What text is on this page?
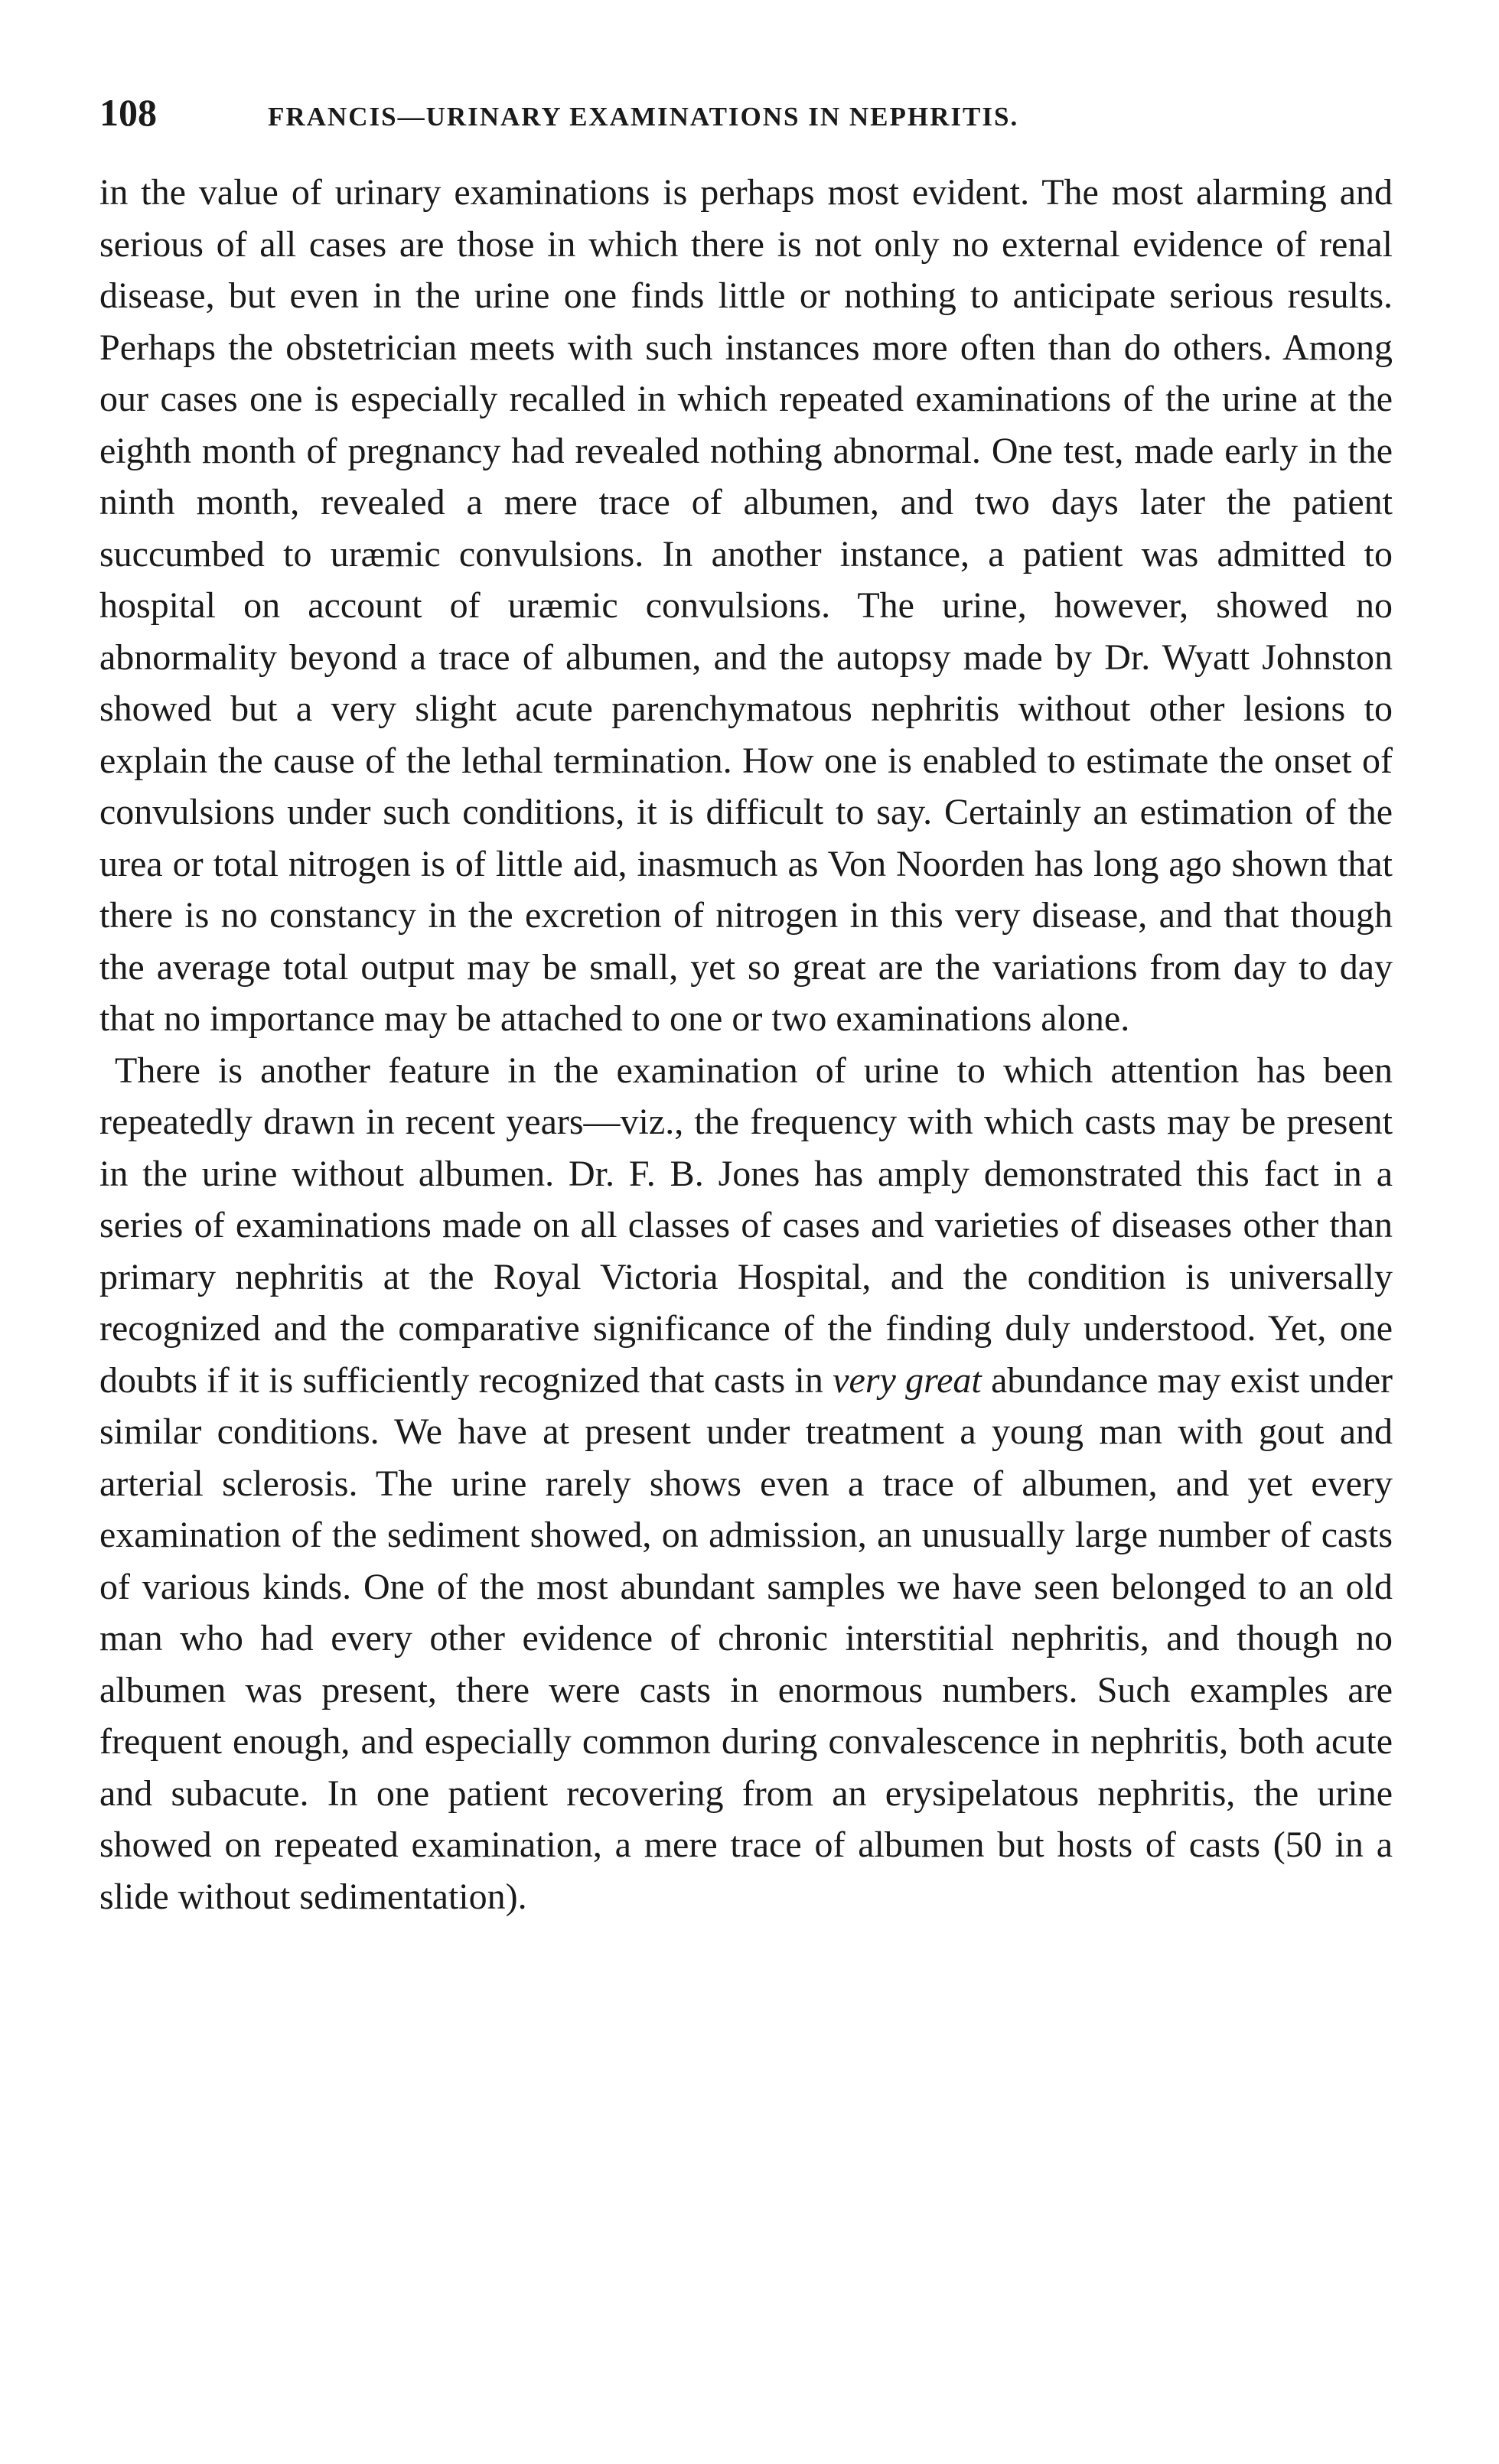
108	FRANCIS—URINARY EXAMINATIONS IN NEPHRITIS.

in the value of urinary examinations is perhaps most evident. The most alarming and serious of all cases are those in which there is not only no external evidence of renal disease, but even in the urine one finds little or nothing to anticipate serious results. Perhaps the obstetrician meets with such instances more often than do others. Among our cases one is especially recalled in which repeated examinations of the urine at the eighth month of pregnancy had revealed nothing abnormal. One test, made early in the ninth month, revealed a mere trace of albumen, and two days later the patient succumbed to uræmic convulsions. In another instance, a patient was admitted to hospital on account of uræmic convulsions. The urine, however, showed no abnormality beyond a trace of albumen, and the autopsy made by Dr. Wyatt Johnston showed but a very slight acute parenchymatous nephritis without other lesions to explain the cause of the lethal termination. How one is enabled to estimate the onset of convulsions under such conditions, it is difficult to say. Certainly an estimation of the urea or total nitrogen is of little aid, inasmuch as Von Noorden has long ago shown that there is no constancy in the excretion of nitrogen in this very disease, and that though the average total output may be small, yet so great are the variations from day to day that no importance may be attached to one or two examinations alone.

There is another feature in the examination of urine to which attention has been repeatedly drawn in recent years—viz., the frequency with which casts may be present in the urine without albumen. Dr. F. B. Jones has amply demonstrated this fact in a series of examinations made on all classes of cases and varieties of diseases other than primary nephritis at the Royal Victoria Hospital, and the condition is universally recognized and the comparative significance of the finding duly understood. Yet, one doubts if it is sufficiently recognized that casts in very great abundance may exist under similar conditions. We have at present under treatment a young man with gout and arterial sclerosis. The urine rarely shows even a trace of albumen, and yet every examination of the sediment showed, on admission, an unusually large number of casts of various kinds. One of the most abundant samples we have seen belonged to an old man who had every other evidence of chronic interstitial nephritis, and though no albumen was present, there were casts in enormous numbers. Such examples are frequent enough, and especially common during convalescence in nephritis, both acute and subacute. In one patient recovering from an erysipelatous nephritis, the urine showed on repeated examination, a mere trace of albumen but hosts of casts (50 in a slide without sedimentation).
